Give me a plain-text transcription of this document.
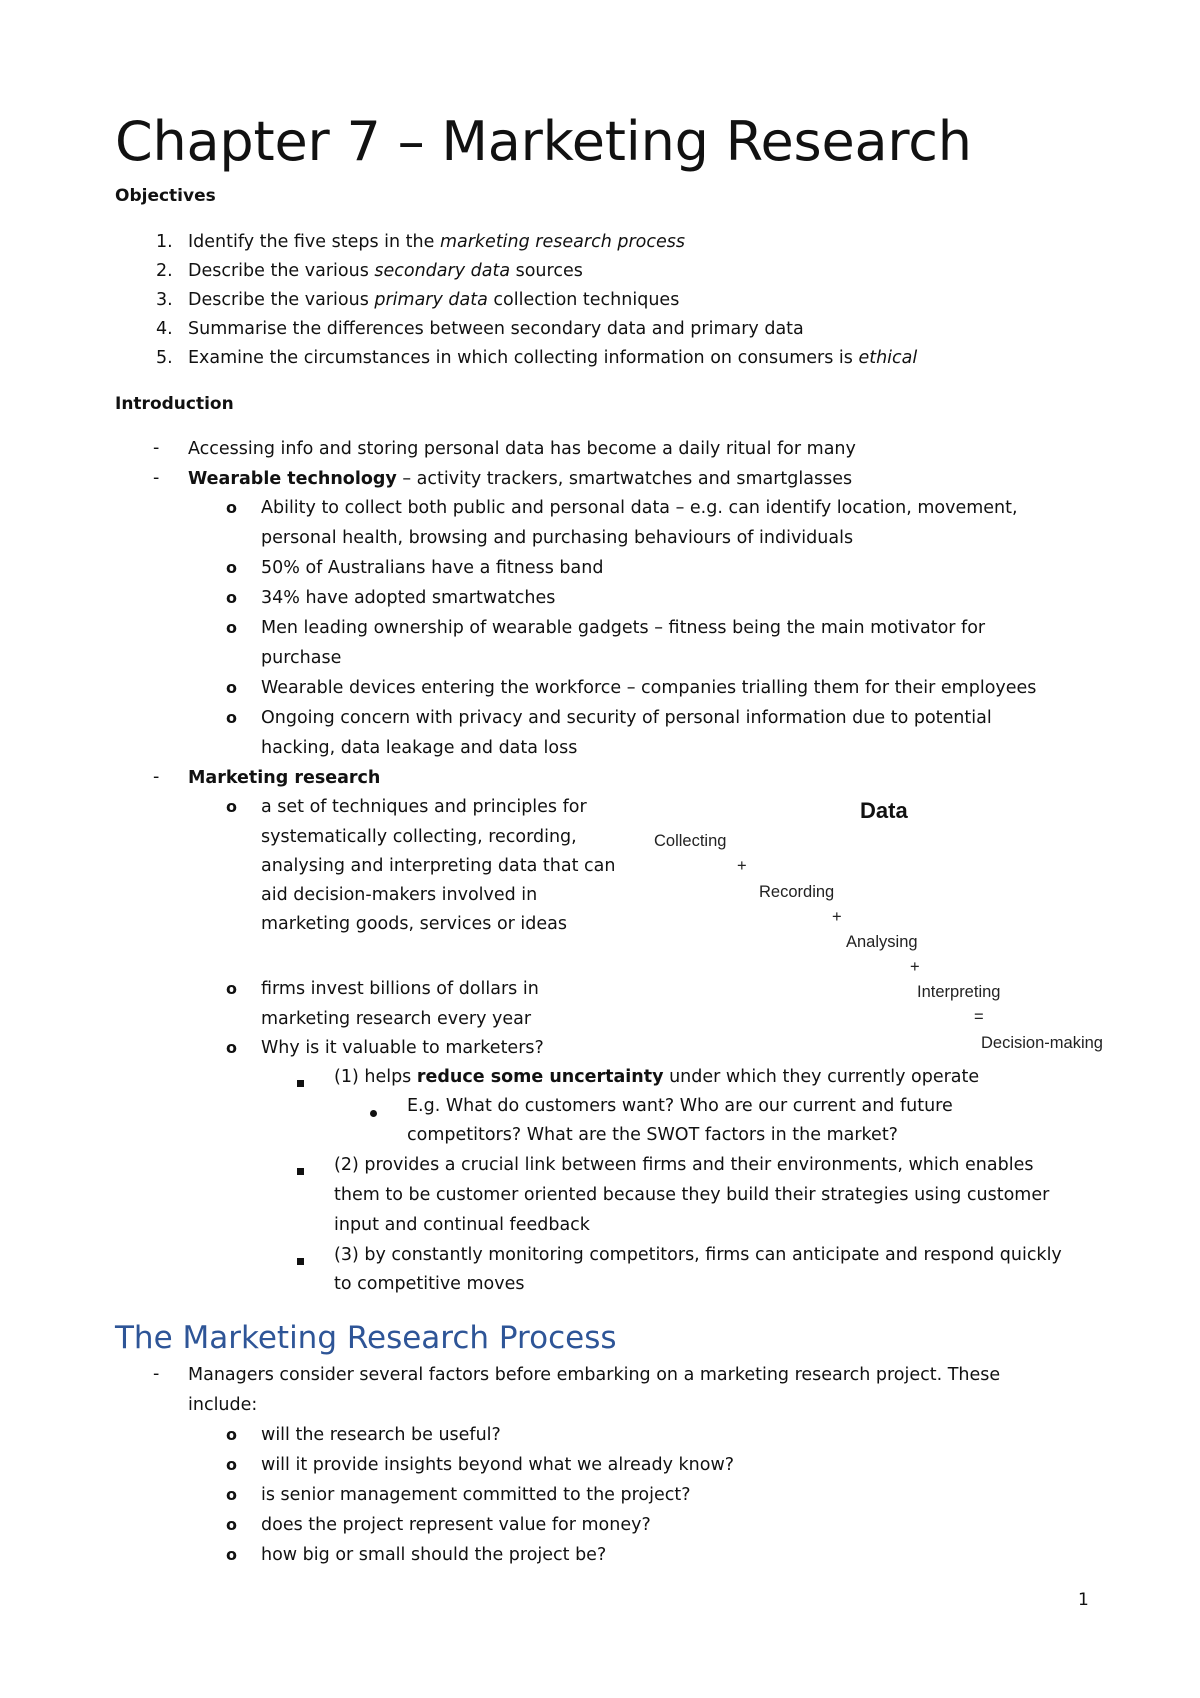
Chapter 7 – Marketing Research
Objectives
1. Identify the five steps in the marketing research process
2. Describe the various secondary data sources
3. Describe the various primary data collection techniques
4. Summarise the differences between secondary data and primary data
5. Examine the circumstances in which collecting information on consumers is ethical
Introduction
- Accessing info and storing personal data has become a daily ritual for many
- Wearable technology – activity trackers, smartwatches and smartglasses
o Ability to collect both public and personal data – e.g. can identify location, movement,
personal health, browsing and purchasing behaviours of individuals
o 50% of Australians have a fitness band
o 34% have adopted smartwatches
o Men leading ownership of wearable gadgets – fitness being the main motivator for
purchase
o Wearable devices entering the workforce – companies trialling them for their employees
o Ongoing concern with privacy and security of personal information due to potential
hacking, data leakage and data loss
- Marketing research
o a set of techniques and principles for
systematically collecting, recording,
analysing and interpreting data that can
aid decision-makers involved in
marketing goods, services or ideas
o firms invest billions of dollars in
marketing research every year
o Why is it valuable to marketers?
(1) helps reduce some uncertainty under which they currently operate
E.g. What do customers want? Who are our current and future
competitors? What are the SWOT factors in the market?
(2) provides a crucial link between firms and their environments, which enables
them to be customer oriented because they build their strategies using customer
input and continual feedback
(3) by constantly monitoring competitors, firms can anticipate and respond quickly
to competitive moves
Data
Collecting
+
Recording
+
Analysing
+
Interpreting
=
Decision-making
The Marketing Research Process
- Managers consider several factors before embarking on a marketing research project. These
include:
o will the research be useful?
o will it provide insights beyond what we already know?
o is senior management committed to the project?
o does the project represent value for money?
o how big or small should the project be?
1
